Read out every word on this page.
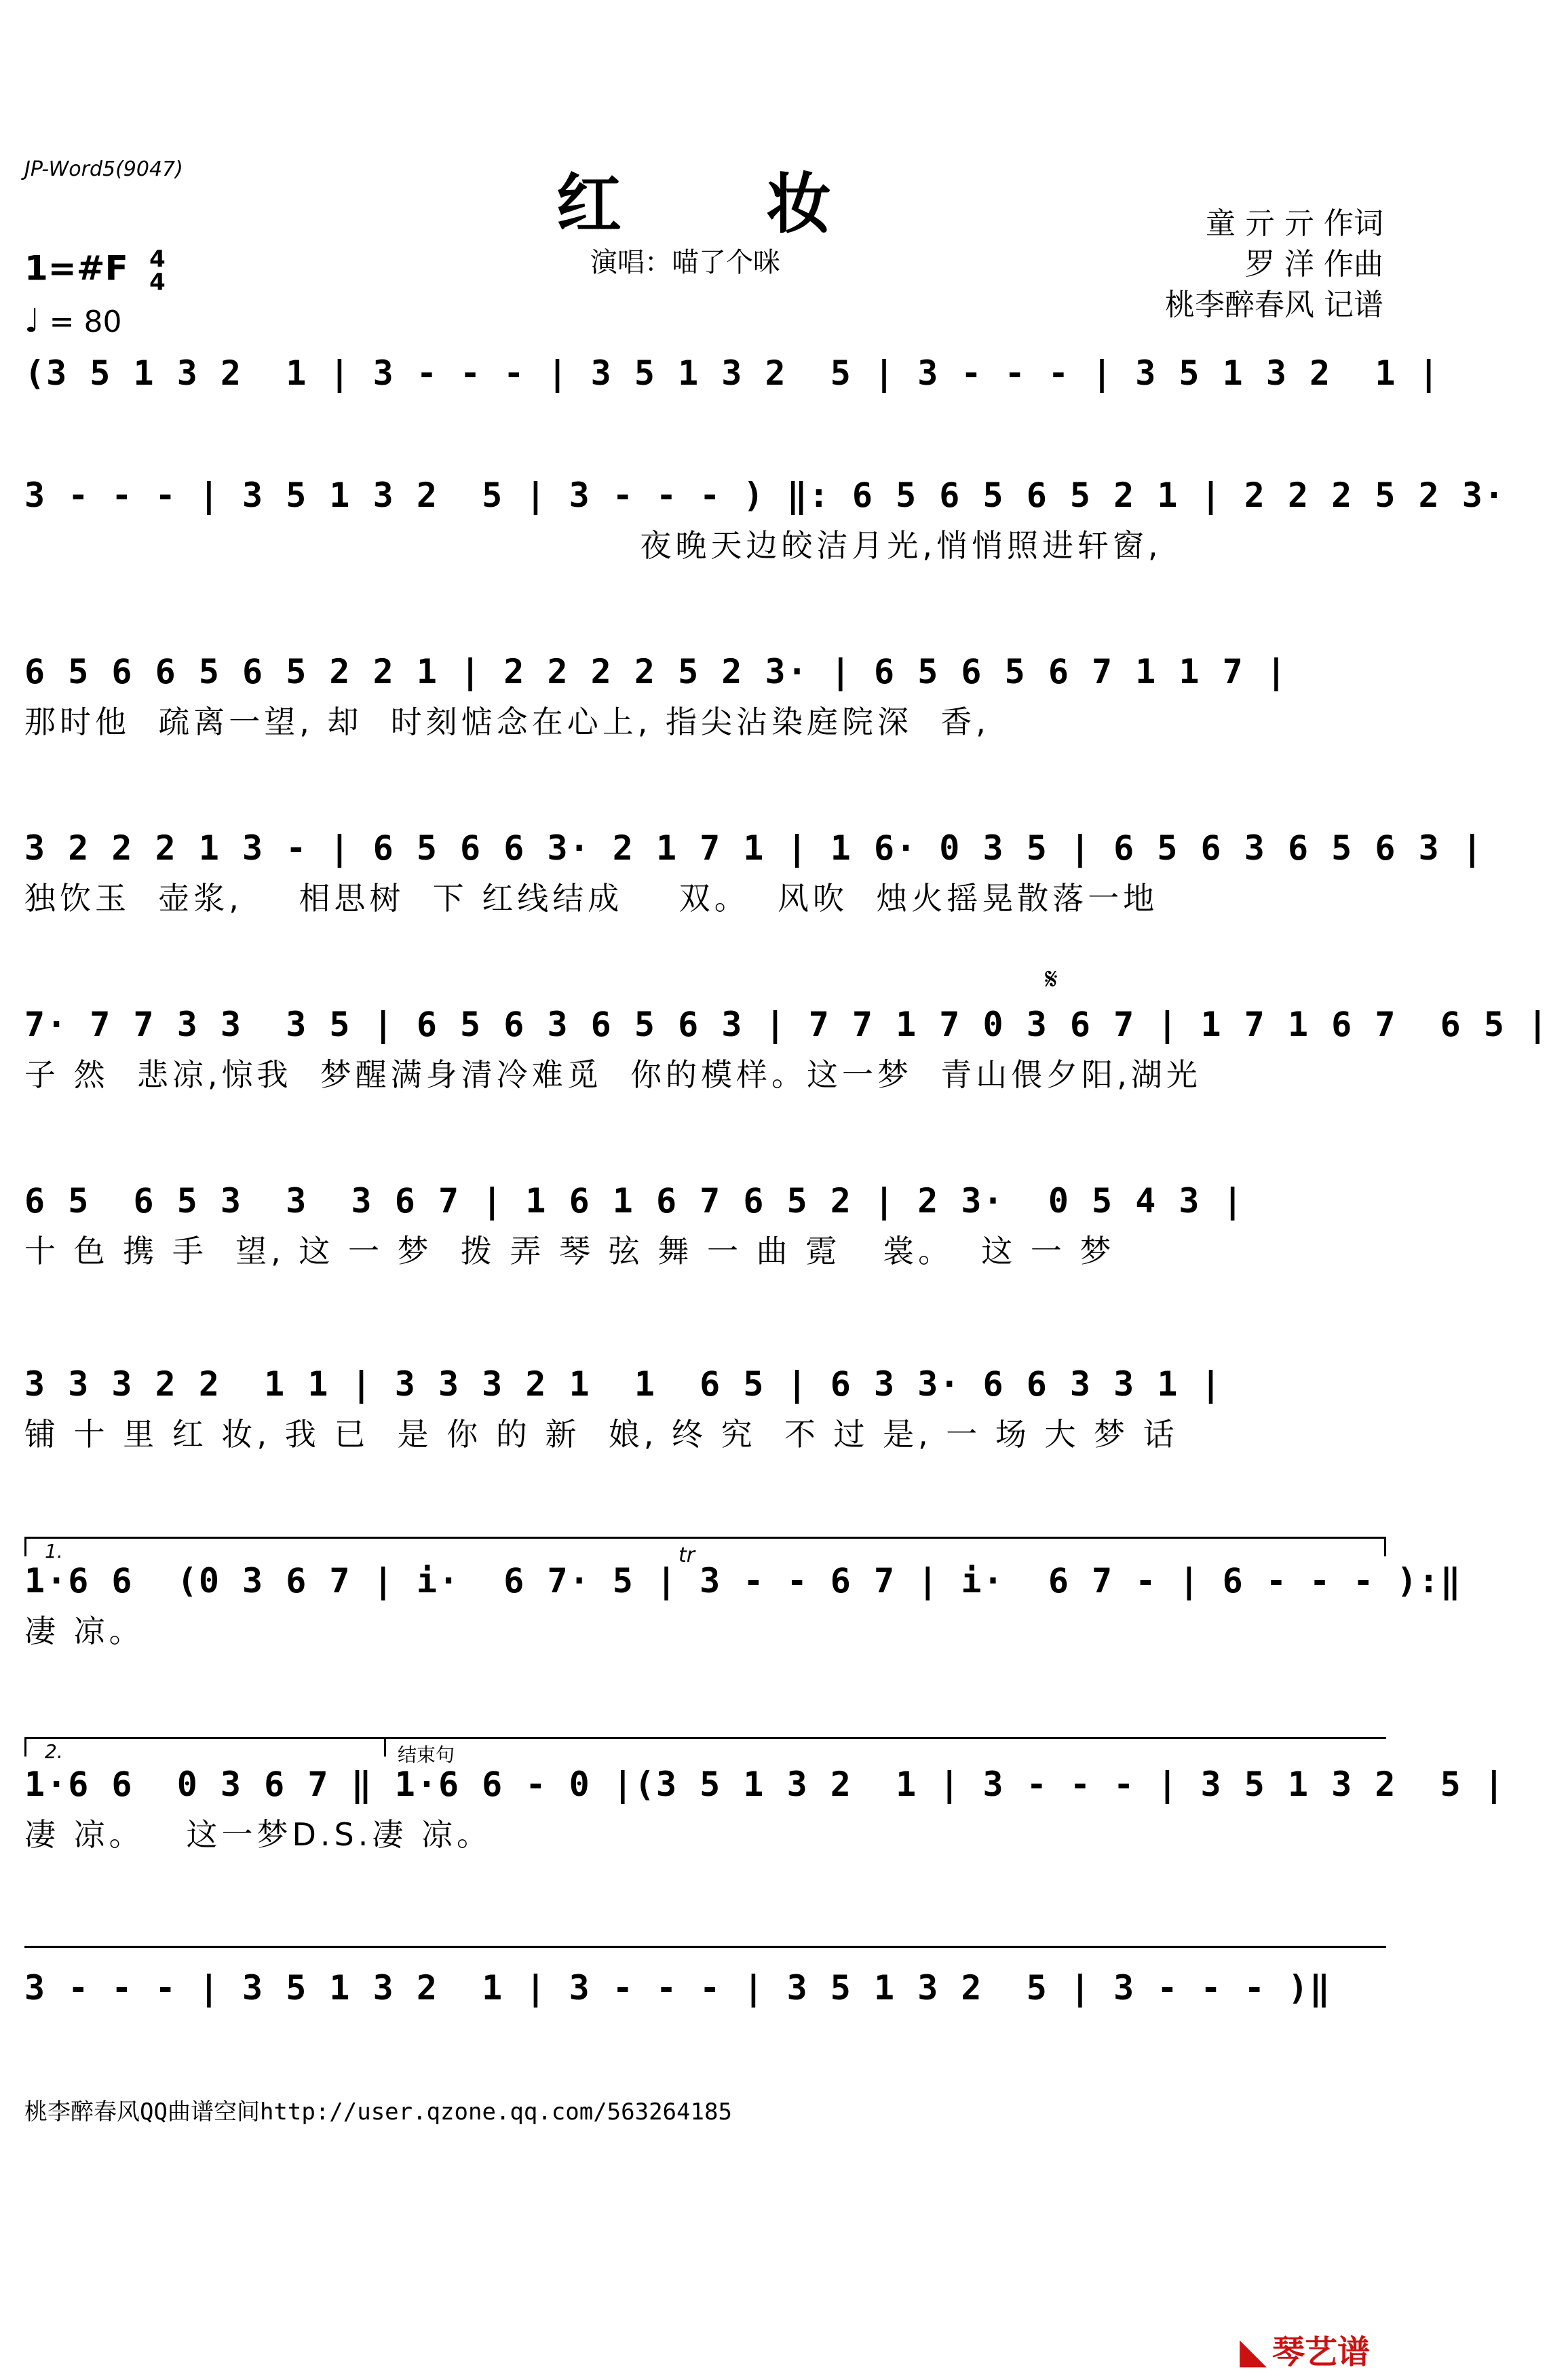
JP-Word5(9047)	红 妆
演唱：喵了个咪
童 亓 亓 作词
罗 洋 作曲
桃李醉春风 记谱
1=#F 4
4
♩ = 80
𝄋
(3 5 1 3 2  1 | 3 - - - | 3 5 1 3 2  5 | 3 - - - | 3 5 1 3 2  1 |
3 - - - | 3 5 1 3 2  5 | 3 - - - ) ‖: 6 5 6 5 6 5 2 1 | 2 2 2 5 2 3·
夜晚天边皎洁月光,悄悄照进轩窗,
6 5 6 6 5 6 5 2 2 1 | 2 2 2 2 5 2 3· | 6 5 6 5 6 7 1 1 7 |
那时他  疏离一望, 却  时刻惦念在心上, 指尖沾染庭院深  香,
3 2 2 2 1 3 - | 6 5 6 6 3· 2 1 7 1 | 1 6· 0 3 5 | 6 5 6 3 6 5 6 3 |
独饮玉  壶浆,    相思树  下 红线结成    双。  风吹  烛火摇晃散落一地
7· 7 7 3 3  3 5 | 6 5 6 3 6 5 6 3 | 7 7 1 7 0 3 6 7 | 1 7 1 6 7  6 5 |
子 然  悲凉,惊我  梦醒满身清冷难觅  你的模样。这一梦  青山偎夕阳,湖光
6 5  6 5 3  3  3 6 7 | 1 6 1 6 7 6 5 2 | 2 3·  0 5 4 3 |
十 色 携 手  望, 这 一 梦  拨 弄 琴 弦 舞 一 曲 霓   裳。  这 一 梦
3 3 3 2 2  1 1 | 3 3 3 2 1  1  6 5 | 6 3 3· 6 6 3 3 1 |
铺 十 里 红 妆, 我 已  是 你 的 新  娘, 终 究  不 过 是, 一 场 大 梦 话
1.	tr
1·6 6  (0 3 6 7 | i·  6 7· 5 | 3 - - 6 7 | i·  6 7 - | 6 - - - ):‖
凄 凉。
2.	结束句
1·6 6  0 3 6 7 ‖ 1·6 6 - 0 |(3 5 1 3 2  1 | 3 - - - | 3 5 1 3 2  5 |
凄 凉。   这一梦D.S.凄 凉。
3 - - - | 3 5 1 3 2  1 | 3 - - - | 3 5 1 3 2  5 | 3 - - - )‖
桃李醉春风QQ曲谱空间http://user.qzone.qq.com/563264185
◣ 琴艺谱
